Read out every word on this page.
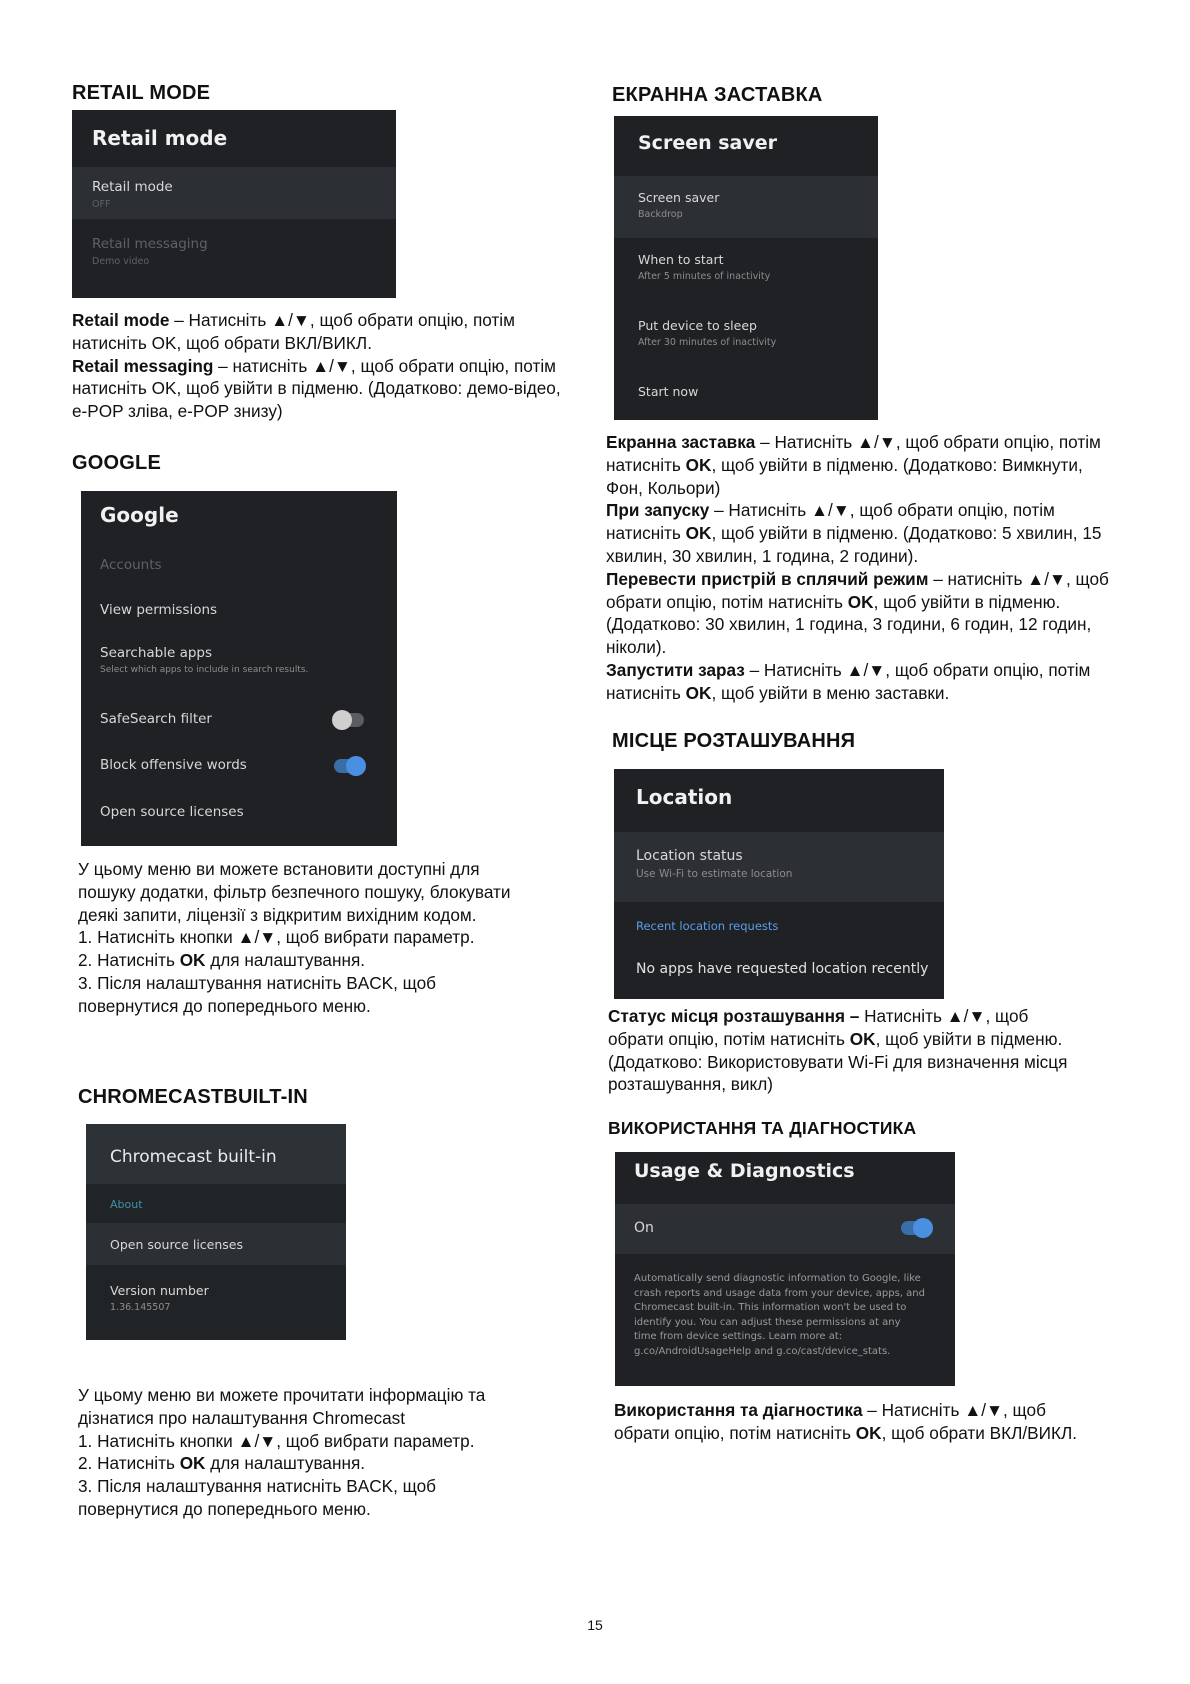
RETAIL MODE
Retail mode
Retail mode
OFF
Retail messaging
Demo video

Retail mode – Натисніть ▲/▼, щоб обрати опцію, потім натисніть OK, щоб обрати ВКЛ/ВИКЛ.

Retail messaging – натисніть ▲/▼, щоб обрати опцію, потім натисніть OK, щоб увійти в підменю. (Додатково: демо-відео, e-POP зліва, e-POP знизу)

GOOGLE
Google
Accounts
View permissions
Searchable apps
Select which apps to include in search results.
SafeSearch filter
Block offensive words
Open source licenses

У цьому меню ви можете встановити доступні для пошуку додатки, фільтр безпечного пошуку, блокувати деякі запити, ліцензії з відкритим вихідним кодом.

1. Натисніть кнопки ▲/▼, щоб вибрати параметр.

2. Натисніть OK для налаштування.

3. Після налаштування натисніть BACK, щоб повернутися до попереднього меню.

CHROMECASTBUILT-IN
Chromecast built-in
About
Open source licenses
Version number
1.36.145507

У цьому меню ви можете прочитати інформацію та дізнатися про налаштування Chromecast

1. Натисніть кнопки ▲/▼, щоб вибрати параметр.

2. Натисніть OK для налаштування.

3. Після налаштування натисніть BACK, щоб повернутися до попереднього меню.

ЕКРАННА ЗАСТАВКА
Screen saver
Screen saver
Backdrop
When to start
After 5 minutes of inactivity
Put device to sleep
After 30 minutes of inactivity
Start now

Екранна заставка – Натисніть ▲/▼, щоб обрати опцію, потім натисніть OK, щоб увійти в підменю. (Додатково: Вимкнути, Фон, Кольори)

При запуску – Натисніть ▲/▼, щоб обрати опцію, потім натисніть OK, щоб увійти в підменю. (Додатково: 5 хвилин, 15 хвилин, 30 хвилин, 1 година, 2 години).

Перевести пристрій в сплячий режим – натисніть ▲/▼, щоб обрати опцію, потім натисніть OK, щоб увійти в підменю. (Додатково: 30 хвилин, 1 година, 3 години, 6 годин, 12 годин, ніколи).

Запустити зараз – Натисніть ▲/▼, щоб обрати опцію, потім натисніть OK, щоб увійти в меню заставки.

МІСЦЕ РОЗТАШУВАННЯ
Location
Location status
Use Wi-Fi to estimate location
Recent location requests
No apps have requested location recently

Статус місця розташування – Натисніть ▲/▼, щоб обрати опцію, потім натисніть OK, щоб увійти в підменю. (Додатково: Використовувати Wi-Fi для визначення місця розташування, викл)

ВИКОРИСТАННЯ ТА ДІАГНОСТИКА
Usage & Diagnostics
On
Automatically send diagnostic information to Google, like crash reports and usage data from your device, apps, and Chromecast built-in. This information won't be used to identify you. You can adjust these permissions at any time from device settings. Learn more at: g.co/AndroidUsageHelp and g.co/cast/device_stats.

Використання та діагностика – Натисніть ▲/▼, щоб обрати опцію, потім натисніть OK, щоб обрати ВКЛ/ВИКЛ.

15
